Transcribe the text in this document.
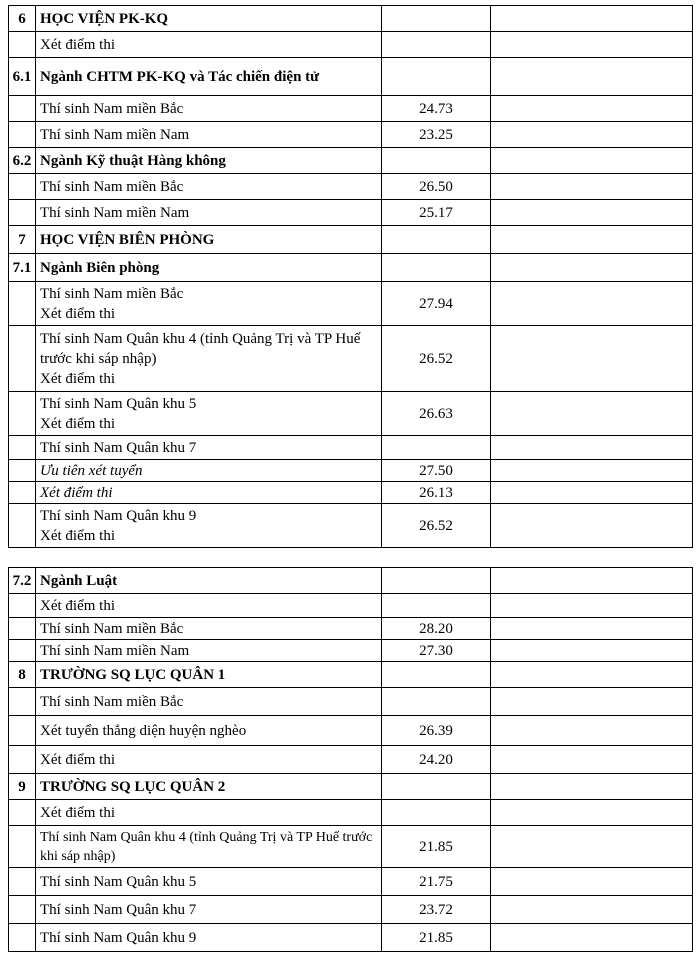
6	HỌC VIỆN PK-KQ		
	Xét điểm thi		
6.1	Ngành CHTM PK-KQ và Tác chiến điện tử		
	Thí sinh Nam miền Bắc	24.73	
	Thí sinh Nam miền Nam	23.25	
6.2	Ngành Kỹ thuật Hàng không		
	Thí sinh Nam miền Bắc	26.50	
	Thí sinh Nam miền Nam	25.17	
7	HỌC VIỆN BIÊN PHÒNG		
7.1	Ngành Biên phòng		
	Thí sinh Nam miền Bắc
Xét điểm thi	27.94	
	Thí sinh Nam Quân khu 4 (tỉnh Quảng Trị và TP Huế trước khi sáp nhập)
Xét điểm thi	26.52	
	Thí sinh Nam Quân khu 5
Xét điểm thi	26.63	
	Thí sinh Nam Quân khu 7		
	Ưu tiên xét tuyển	27.50	
	Xét điểm thi	26.13	
	Thí sinh Nam Quân khu 9
Xét điểm thi	26.52	
7.2	Ngành Luật		
	Xét điểm thi		
	Thí sinh Nam miền Bắc	28.20	
	Thí sinh Nam miền Nam	27.30	
8	TRƯỜNG SQ LỤC QUÂN 1		
	Thí sinh Nam miền Bắc		
	Xét tuyển thẳng diện huyện nghèo	26.39	
	Xét điểm thi	24.20	
9	TRƯỜNG SQ LỤC QUÂN 2		
	Xét điểm thi		
	Thí sinh Nam Quân khu 4 (tỉnh Quảng Trị và TP Huế trước khi sáp nhập)	21.85	
	Thí sinh Nam Quân khu 5	21.75	
	Thí sinh Nam Quân khu 7	23.72	
	Thí sinh Nam Quân khu 9	21.85	
